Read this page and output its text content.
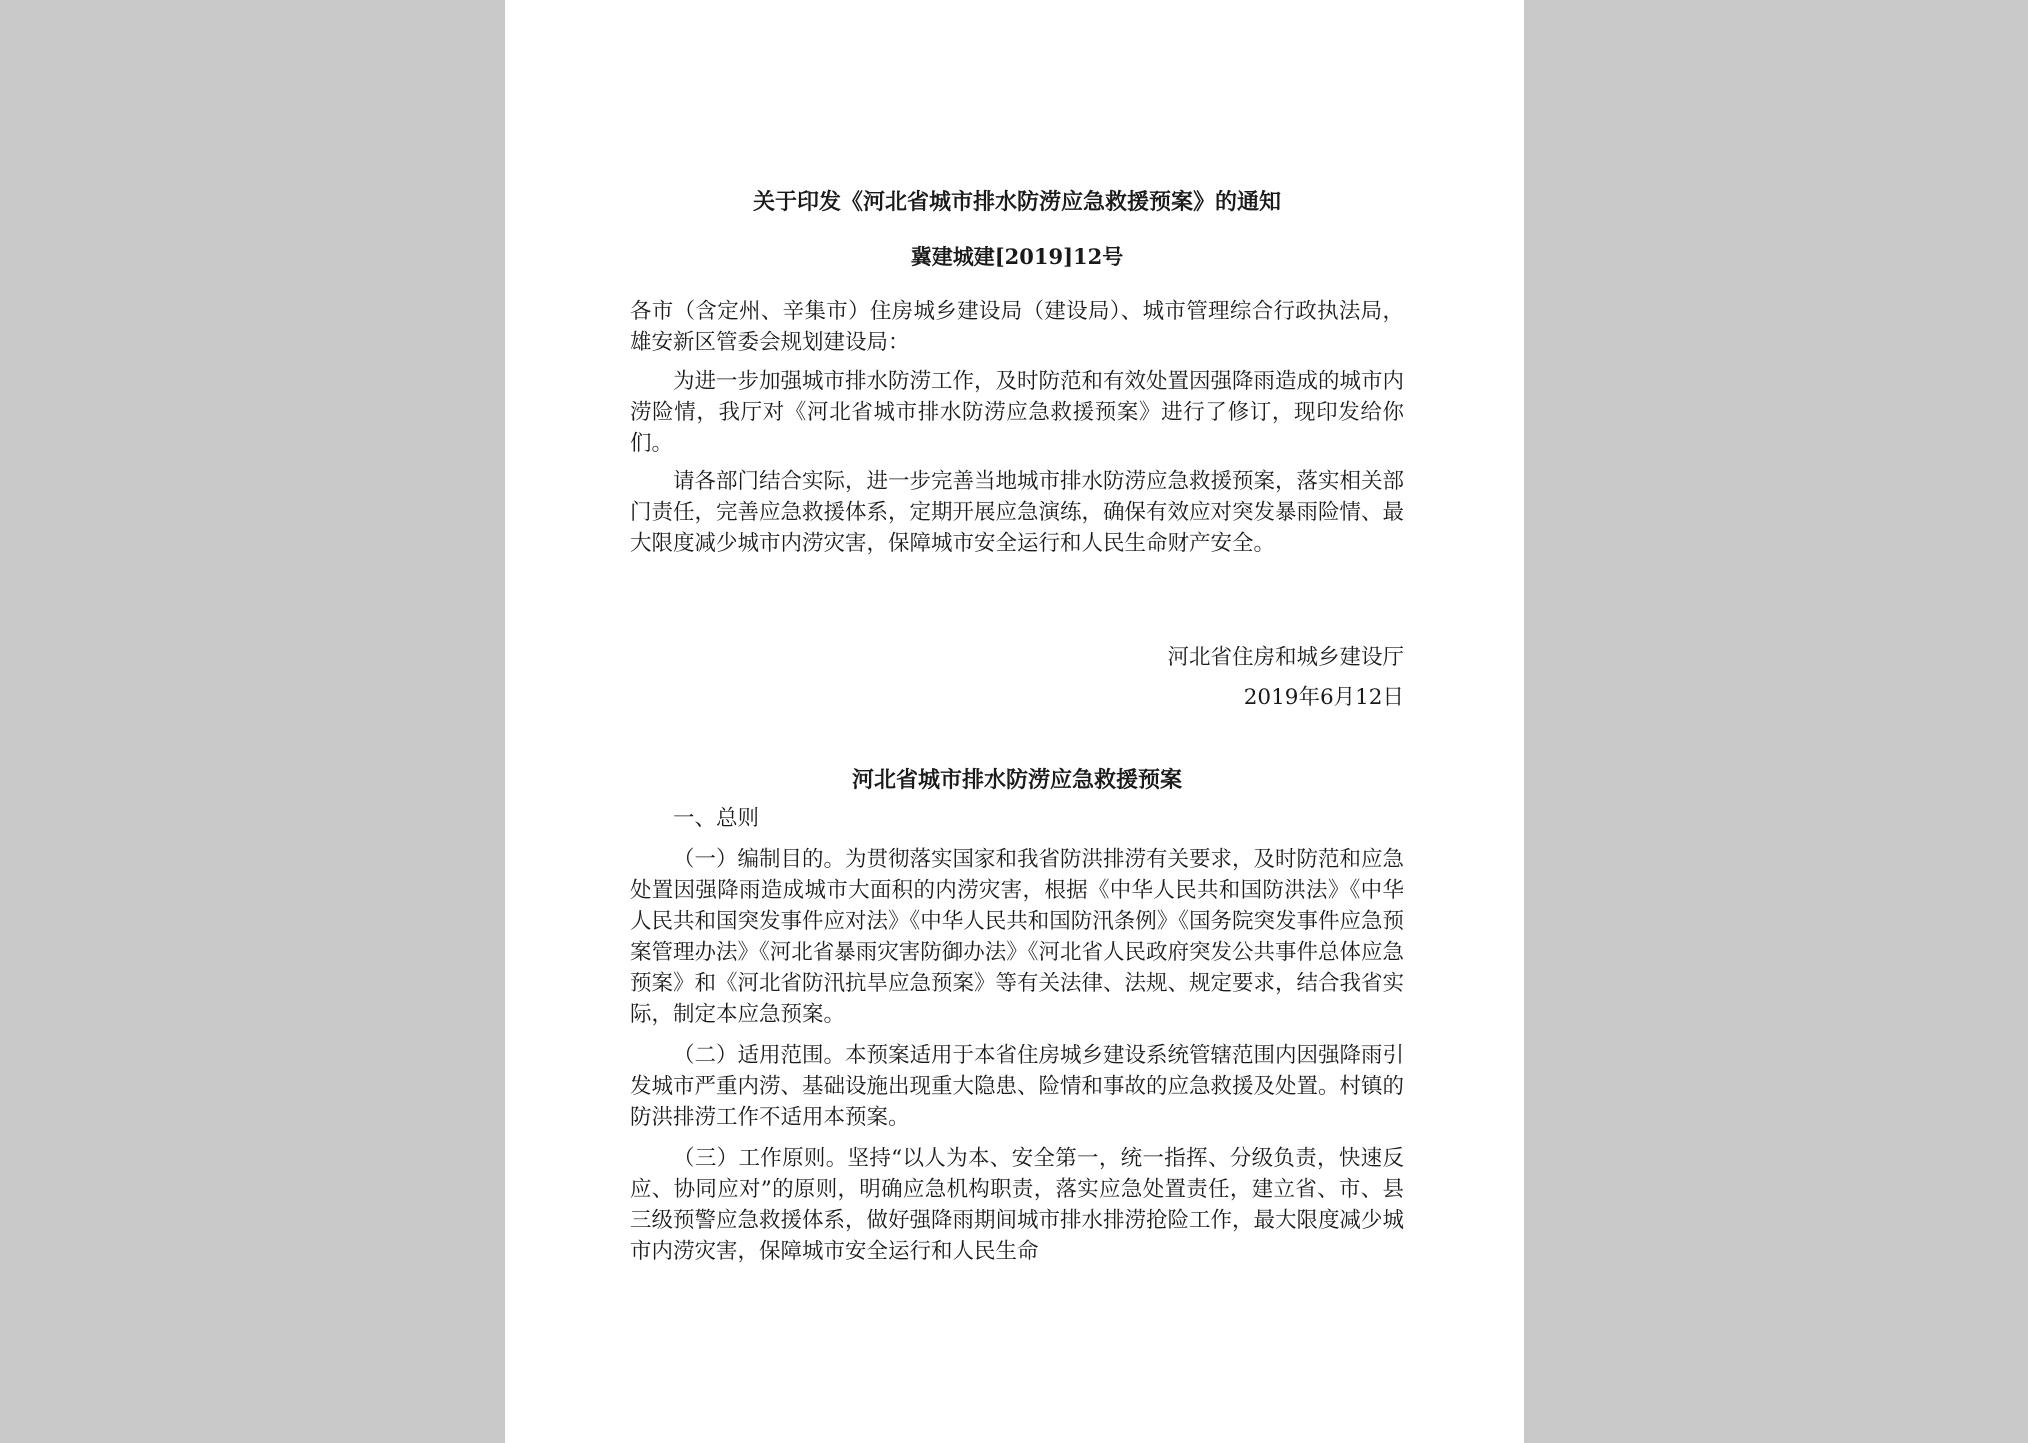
关于印发《河北省城市排水防涝应急救援预案》的通知
冀建城建[2019]12号

各市（含定州、辛集市）住房城乡建设局（建设局）、城市管理综合行政执法局，雄安新区管委会规划建设局：

为进一步加强城市排水防涝工作，及时防范和有效处置因强降雨造成的城市内涝险情，我厅对《河北省城市排水防涝应急救援预案》进行了修订，现印发给你们。

请各部门结合实际，进一步完善当地城市排水防涝应急救援预案，落实相关部门责任，完善应急救援体系，定期开展应急演练，确保有效应对突发暴雨险情、最大限度减少城市内涝灾害，保障城市安全运行和人民生命财产安全。

河北省住房和城乡建设厅
2019年6月12日
河北省城市排水防涝应急救援预案

一、总则

（一）编制目的。为贯彻落实国家和我省防洪排涝有关要求，及时防范和应急处置因强降雨造成城市大面积的内涝灾害，根据《中华人民共和国防洪法》《中华人民共和国突发事件应对法》《中华人民共和国防汛条例》《国务院突发事件应急预案管理办法》《河北省暴雨灾害防御办法》《河北省人民政府突发公共事件总体应急预案》和《河北省防汛抗旱应急预案》等有关法律、法规、规定要求，结合我省实际，制定本应急预案。

（二）适用范围。本预案适用于本省住房城乡建设系统管辖范围内因强降雨引发城市严重内涝、基础设施出现重大隐患、险情和事故的应急救援及处置。村镇的防洪排涝工作不适用本预案。

（三）工作原则。坚持“以人为本、安全第一，统一指挥、分级负责，快速反应、协同应对”的原则，明确应急机构职责，落实应急处置责任，建立省、市、县三级预警应急救援体系，做好强降雨期间城市排水排涝抢险工作，最大限度减少城市内涝灾害，保障城市安全运行和人民生命
